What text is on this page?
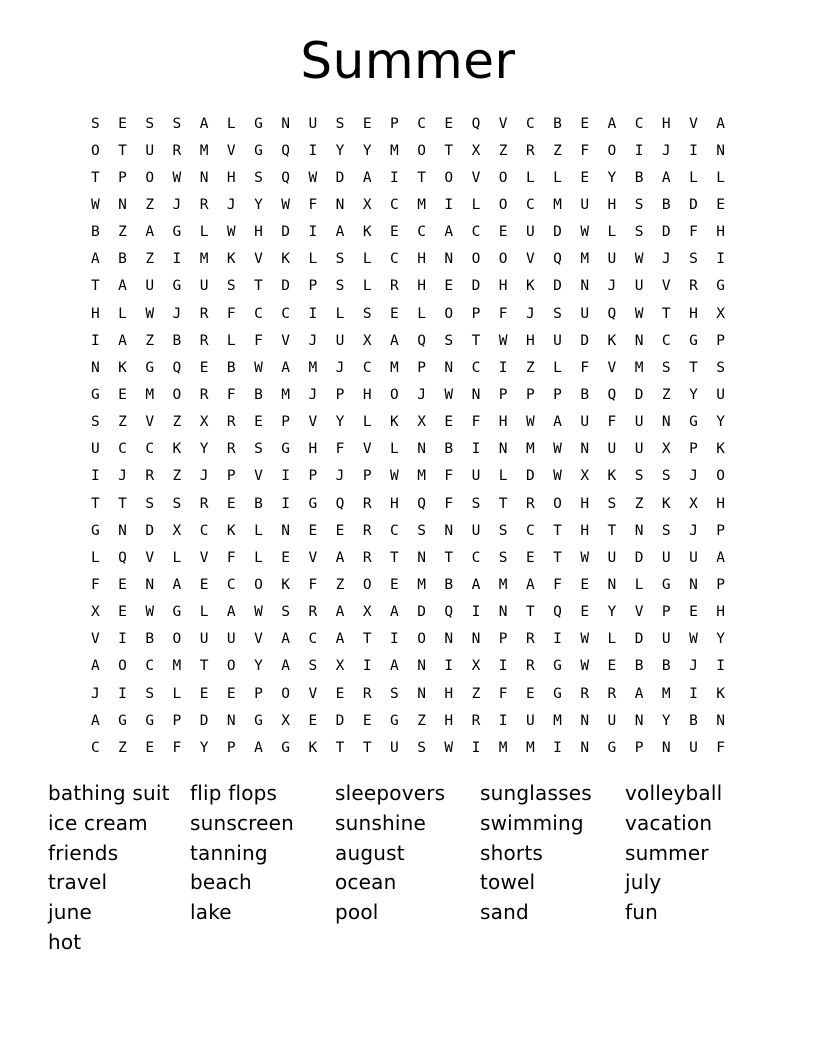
Summer
S	E	S	S	A	L	G	N	U	S	E	P	C	E	Q	V	C	B	E	A	C	H	V	A
O	T	U	R	M	V	G	Q	I	Y	Y	M	O	T	X	Z	R	Z	F	O	I	J	I	N
T	P	O	W	N	H	S	Q	W	D	A	I	T	O	V	O	L	L	E	Y	B	A	L	L
W	N	Z	J	R	J	Y	W	F	N	X	C	M	I	L	O	C	M	U	H	S	B	D	E
B	Z	A	G	L	W	H	D	I	A	K	E	C	A	C	E	U	D	W	L	S	D	F	H
A	B	Z	I	M	K	V	K	L	S	L	C	H	N	O	O	V	Q	M	U	W	J	S	I
T	A	U	G	U	S	T	D	P	S	L	R	H	E	D	H	K	D	N	J	U	V	R	G
H	L	W	J	R	F	C	C	I	L	S	E	L	O	P	F	J	S	U	Q	W	T	H	X
I	A	Z	B	R	L	F	V	J	U	X	A	Q	S	T	W	H	U	D	K	N	C	G	P
N	K	G	Q	E	B	W	A	M	J	C	M	P	N	C	I	Z	L	F	V	M	S	T	S
G	E	M	O	R	F	B	M	J	P	H	O	J	W	N	P	P	P	B	Q	D	Z	Y	U
S	Z	V	Z	X	R	E	P	V	Y	L	K	X	E	F	H	W	A	U	F	U	N	G	Y
U	C	C	K	Y	R	S	G	H	F	V	L	N	B	I	N	M	W	N	U	U	X	P	K
I	J	R	Z	J	P	V	I	P	J	P	W	M	F	U	L	D	W	X	K	S	S	J	O
T	T	S	S	R	E	B	I	G	Q	R	H	Q	F	S	T	R	O	H	S	Z	K	X	H
G	N	D	X	C	K	L	N	E	E	R	C	S	N	U	S	C	T	H	T	N	S	J	P
L	Q	V	L	V	F	L	E	V	A	R	T	N	T	C	S	E	T	W	U	D	U	U	A
F	E	N	A	E	C	O	K	F	Z	O	E	M	B	A	M	A	F	E	N	L	G	N	P
X	E	W	G	L	A	W	S	R	A	X	A	D	Q	I	N	T	Q	E	Y	V	P	E	H
V	I	B	O	U	U	V	A	C	A	T	I	O	N	N	P	R	I	W	L	D	U	W	Y
A	O	C	M	T	O	Y	A	S	X	I	A	N	I	X	I	R	G	W	E	B	B	J	I
J	I	S	L	E	E	P	O	V	E	R	S	N	H	Z	F	E	G	R	R	A	M	I	K
A	G	G	P	D	N	G	X	E	D	E	G	Z	H	R	I	U	M	N	U	N	Y	B	N
C	Z	E	F	Y	P	A	G	K	T	T	U	S	W	I	M	M	I	N	G	P	N	U	F
bathing suit
ice cream
friends
travel
june
hot
flip flops
sunscreen
tanning
beach
lake
sleepovers
sunshine
august
ocean
pool
sunglasses
swimming
shorts
towel
sand
volleyball
vacation
summer
july
fun
